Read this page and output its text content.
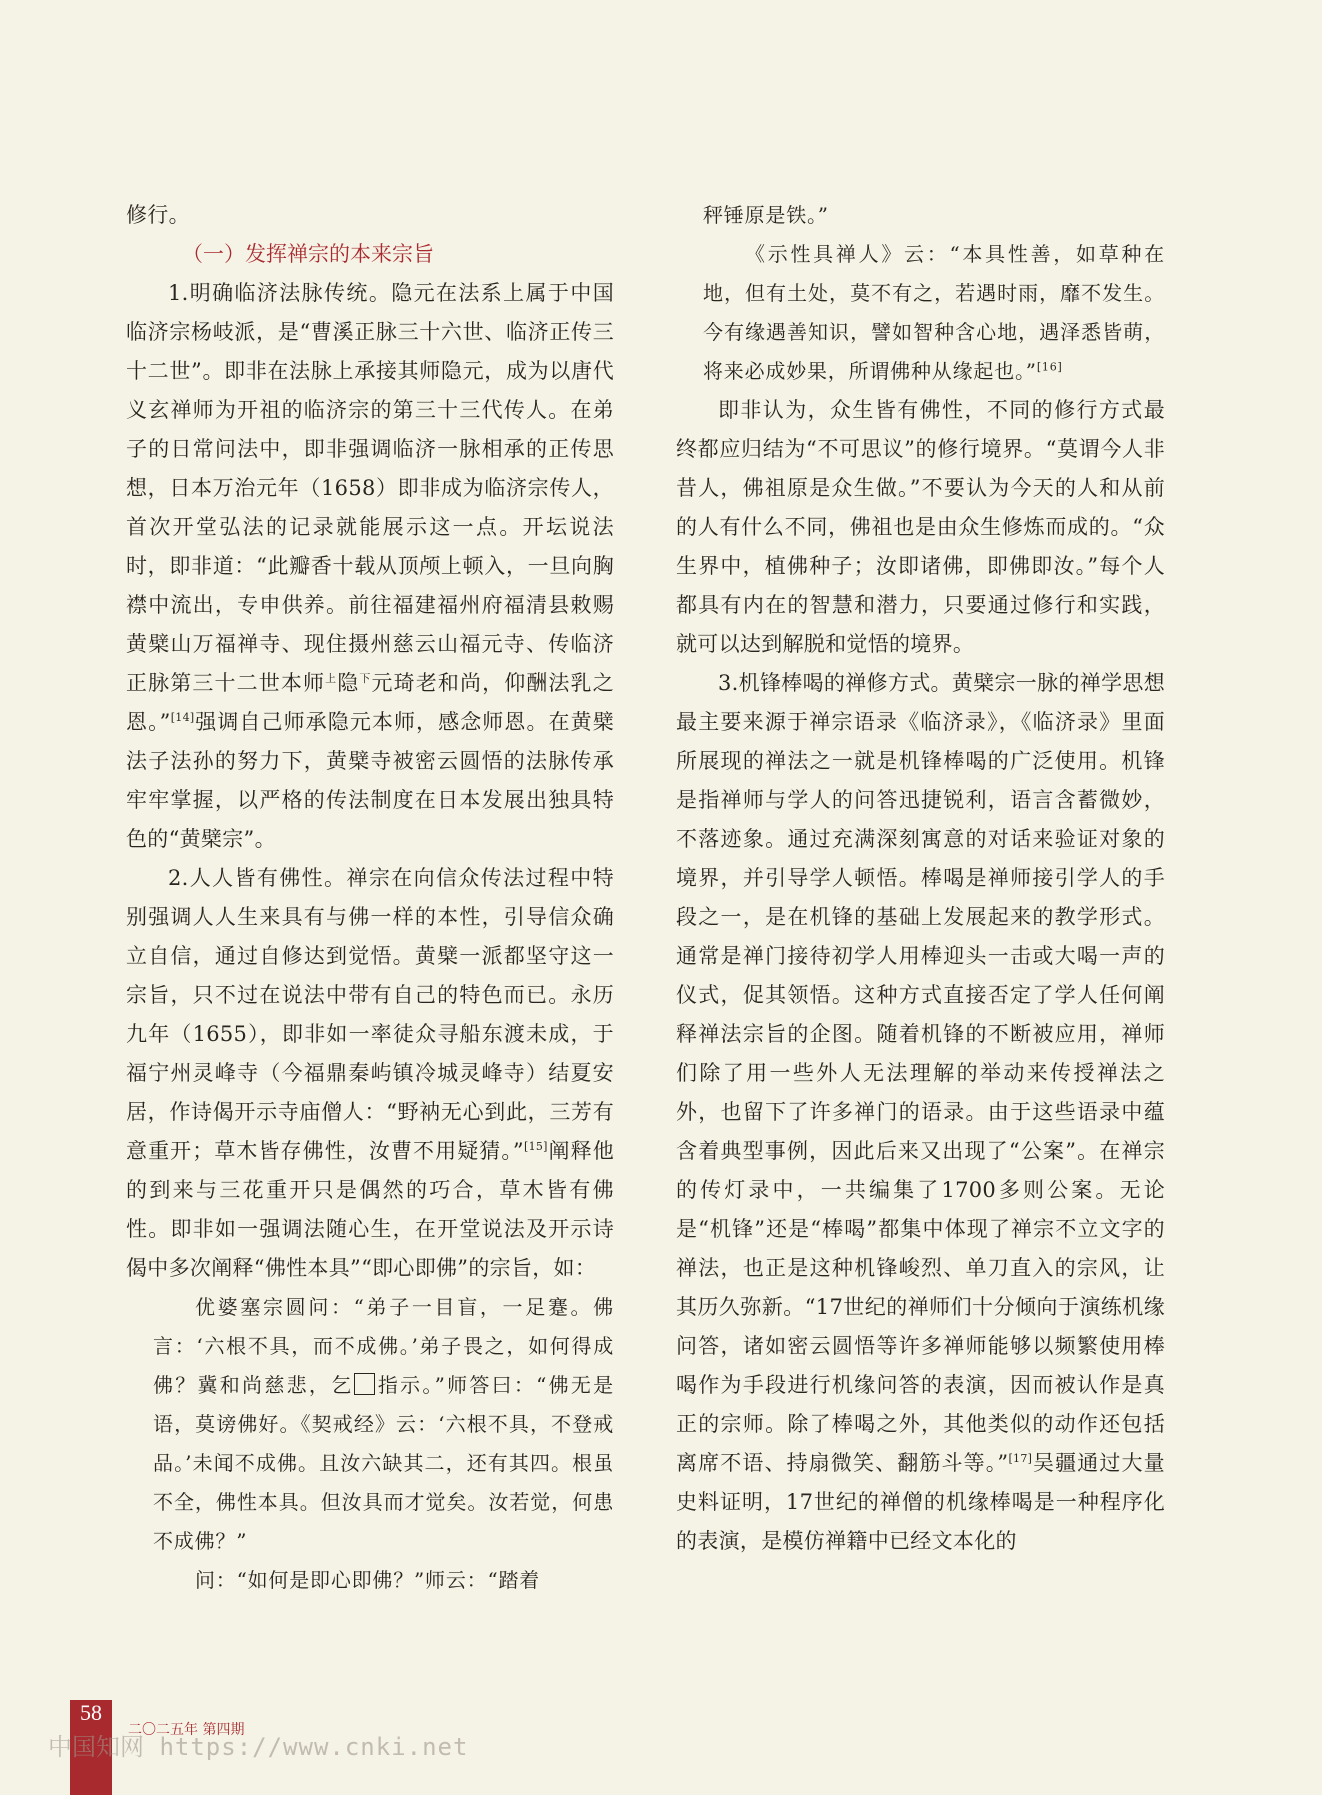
修行。

（一）发挥禅宗的本来宗旨

1.明确临济法脉传统。隐元在法系上属于中国临济宗杨岐派，是“曹溪正脉三十六世、临济正传三十二世”。即非在法脉上承接其师隐元，成为以唐代义玄禅师为开祖的临济宗的第三十三代传人。在弟子的日常问法中，即非强调临济一脉相承的正传思想，日本万治元年（1658）即非成为临济宗传人，首次开堂弘法的记录就能展示这一点。开坛说法时，即非道：“此瓣香十载从顶颅上顿入，一旦向胸襟中流出，专申供养。前往福建福州府福清县敕赐黄檗山万福禅寺、现住摄州慈云山福元寺、传临济正脉第三十二世本师$^上$隐$^下$元琦老和尚，仰酬法乳之恩。”[14]强调自己师承隐元本师，感念师恩。在黄檗法子法孙的努力下，黄檗寺被密云圆悟的法脉传承牢牢掌握，以严格的传法制度在日本发展出独具特色的“黄檗宗”。

2.人人皆有佛性。禅宗在向信众传法过程中特别强调人人生来具有与佛一样的本性，引导信众确立自信，通过自修达到觉悟。黄檗一派都坚守这一宗旨，只不过在说法中带有自己的特色而已。永历九年（1655），即非如一率徒众寻船东渡未成，于福宁州灵峰寺（今福鼎秦屿镇冷城灵峰寺）结夏安居，作诗偈开示寺庙僧人：“野衲无心到此，三芳有意重开；草木皆存佛性，汝曹不用疑猜。”[15]阐释他的到来与三花重开只是偶然的巧合，草木皆有佛性。即非如一强调法随心生，在开堂说法及开示诗偈中多次阐释“佛性本具”“即心即佛”的宗旨，如：

优婆塞宗圆问：“弟子一目盲，一足蹇。佛言：‘六根不具，而不成佛。’弟子畏之，如何得成佛？冀和尚慈悲，乞 指示。”师答曰：“佛无是语，莫谤佛好。《契戒经》云：‘六根不具，不登戒品。’未闻不成佛。且汝六缺其二，还有其四。根虽不全，佛性本具。但汝具而才觉矣。汝若觉，何患不成佛？”

问：“如何是即心即佛？”师云：“踏着

秤锤原是铁。”

《示性具禅人》云：“本具性善，如草种在地，但有土处，莫不有之，若遇时雨，靡不发生。今有缘遇善知识，譬如智种含心地，遇泽悉皆萌，将来必成妙果，所谓佛种从缘起也。”[16]

即非认为，众生皆有佛性，不同的修行方式最终都应归结为“不可思议”的修行境界。“莫谓今人非昔人，佛祖原是众生做。”不要认为今天的人和从前的人有什么不同，佛祖也是由众生修炼而成的。“众生界中，植佛种子；汝即诸佛，即佛即汝。”每个人都具有内在的智慧和潜力，只要通过修行和实践，就可以达到解脱和觉悟的境界。

3.机锋棒喝的禅修方式。黄檗宗一脉的禅学思想最主要来源于禅宗语录《临济录》，《临济录》里面所展现的禅法之一就是机锋棒喝的广泛使用。机锋是指禅师与学人的问答迅捷锐利，语言含蓄微妙，不落迹象。通过充满深刻寓意的对话来验证对象的境界，并引导学人顿悟。棒喝是禅师接引学人的手段之一，是在机锋的基础上发展起来的教学形式。通常是禅门接待初学人用棒迎头一击或大喝一声的仪式，促其领悟。这种方式直接否定了学人任何阐释禅法宗旨的企图。随着机锋的不断被应用，禅师们除了用一些外人无法理解的举动来传授禅法之外，也留下了许多禅门的语录。由于这些语录中蕴含着典型事例，因此后来又出现了“公案”。在禅宗的传灯录中，一共编集了1700多则公案。无论是“机锋”还是“棒喝”都集中体现了禅宗不立文字的禅法，也正是这种机锋峻烈、单刀直入的宗风，让其历久弥新。“17世纪的禅师们十分倾向于演练机缘问答，诸如密云圆悟等许多禅师能够以频繁使用棒喝作为手段进行机缘问答的表演，因而被认作是真正的宗师。除了棒喝之外，其他类似的动作还包括离席不语、持扇微笑、翻筋斗等。”[17]吴疆通过大量史料证明，17世纪的禅僧的机缘棒喝是一种程序化的表演，是模仿禅籍中已经文本化的

58
二〇二五年 第四期
中国知网 https://www.cnki.net
